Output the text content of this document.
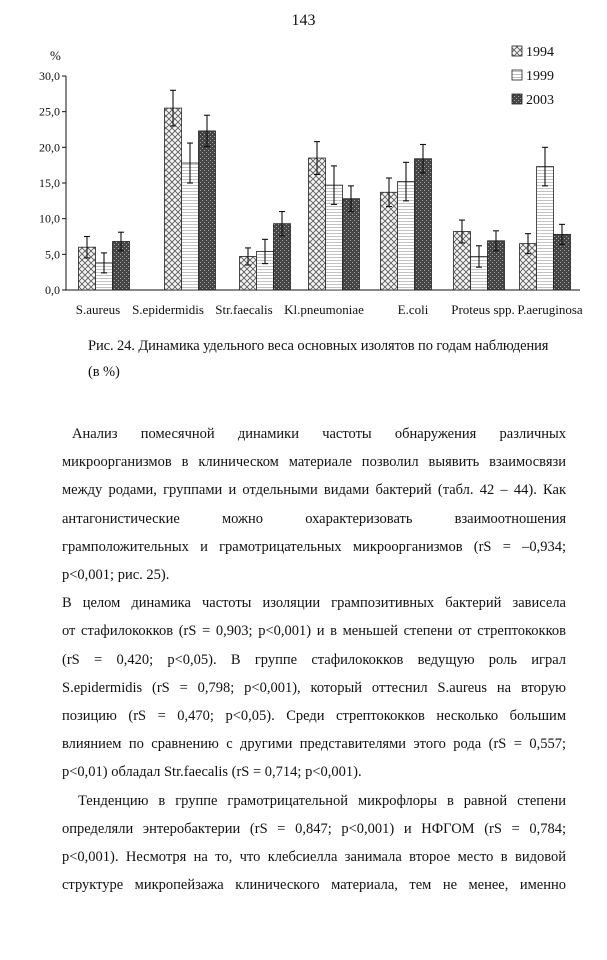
143
%
0,0
5,0
10,0
15,0
20,0
25,0
30,0
S.aureus S.epidermidis Str.faecalis Kl.pneumoniae	E.coli Proteus spp. P.aeruginosa
1994
1999
2003
Рис. 24. Динамика удельного веса основных изолятов по годам наблюдения
(в %)
Анализ помесячной динамики частоты обнаружения различных
микроорганизмов в клиническом материале позволил выявить взаимосвязи
между родами, группами и отдельными видами бактерий (табл. 42 – 44). Как
антагонистические можно охарактеризовать взаимоотношения
грамположительных и грамотрицательных микроорганизмов (rS = –0,934;
p<0,001; рис. 25).
В целом динамика частоты изоляции грампозитивных бактерий зависела
от стафилококков (rS = 0,903; p<0,001) и в меньшей степени от стрептококков
(rS = 0,420; p<0,05). В группе стафилококков ведущую роль играл
S.epidermidis (rS = 0,798; p<0,001), который оттеснил S.aureus на вторую
позицию (rS = 0,470; p<0,05). Среди стрептококков несколько большим
влиянием по сравнению с другими представителями этого рода (rS = 0,557;
p<0,01) обладал Str.faecalis (rS = 0,714; p<0,001).
Тенденцию в группе грамотрицательной микрофлоры в равной степени
определяли энтеробактерии (rS = 0,847; p<0,001) и НФГОМ (rS = 0,784;
p<0,001). Несмотря на то, что клебсиелла занимала второе место в видовой
структуре микропейзажа клинического материала, тем не менее, именно
